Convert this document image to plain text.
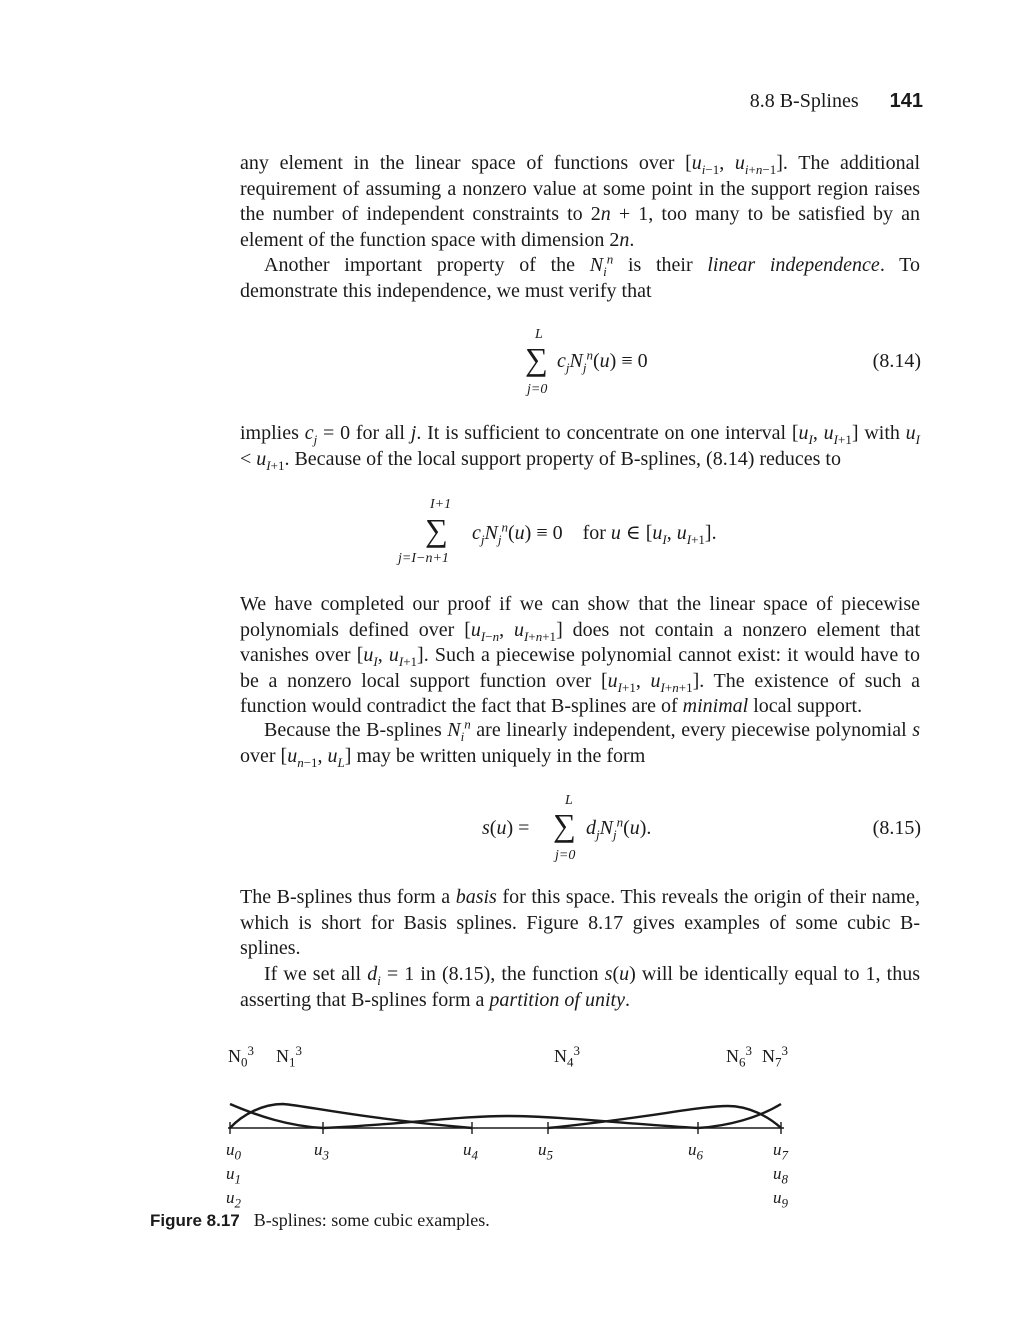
8.8 B-Splines 141

any element in the linear space of functions over [$u_{i-1}$, $u_{i+n-1}$]. The additional requirement of assuming a nonzero value at some point in the support region raises the number of independent constraints to 2n + 1, too many to be satisfied by an element of the function space with dimension 2n.

Another important property of the $N_i^n$ is their linear independence. To demonstrate this independence, we must verify that

L
∑ $c_jN_j^n(u) \equiv 0$
j=0
(8.14)

implies $c_j = 0$ for all j. It is sufficient to concentrate on one interval [$u_I$, $u_{I+1}$] with $u_I < u_{I+1}$. Because of the local support property of B-splines, (8.14) reduces to

I+1
∑ $c_jN_j^n(u) \equiv 0$    for u ∈ [$u_I$, $u_{I+1}$].
j=I−n+1

We have completed our proof if we can show that the linear space of piecewise polynomials defined over [$u_{I-n}$, $u_{I+n+1}$] does not contain a nonzero element that vanishes over [$u_I$, $u_{I+1}$]. Such a piecewise polynomial cannot exist: it would have to be a nonzero local support function over [$u_{I+1}$, $u_{I+n+1}$]. The existence of such a function would contradict the fact that B-splines are of minimal local support.

Because the B-splines $N_i^n$ are linearly independent, every piecewise polynomial s over [$u_{n-1}$, $u_L$] may be written uniquely in the form

L
s(u) = ∑ $d_jN_j^n(u)$.
j=0
(8.15)

The B-splines thus form a basis for this space. This reveals the origin of their name, which is short for Basis splines. Figure 8.17 gives examples of some cubic B-splines.

If we set all $d_i = 1$ in (8.15), the function s(u) will be identically equal to 1, thus asserting that B-splines form a partition of unity.

$N_0^3$ $N_1^3$	$N_4^3$	$N_6^3$ $N_7^3$
$u_0$
$u_1$
$u_2$
$u_3$	$u_4$	$u_5$	$u_6$	$u_7$
$u_8$
$u_9$
Figure 8.17 B-splines: some cubic examples.
